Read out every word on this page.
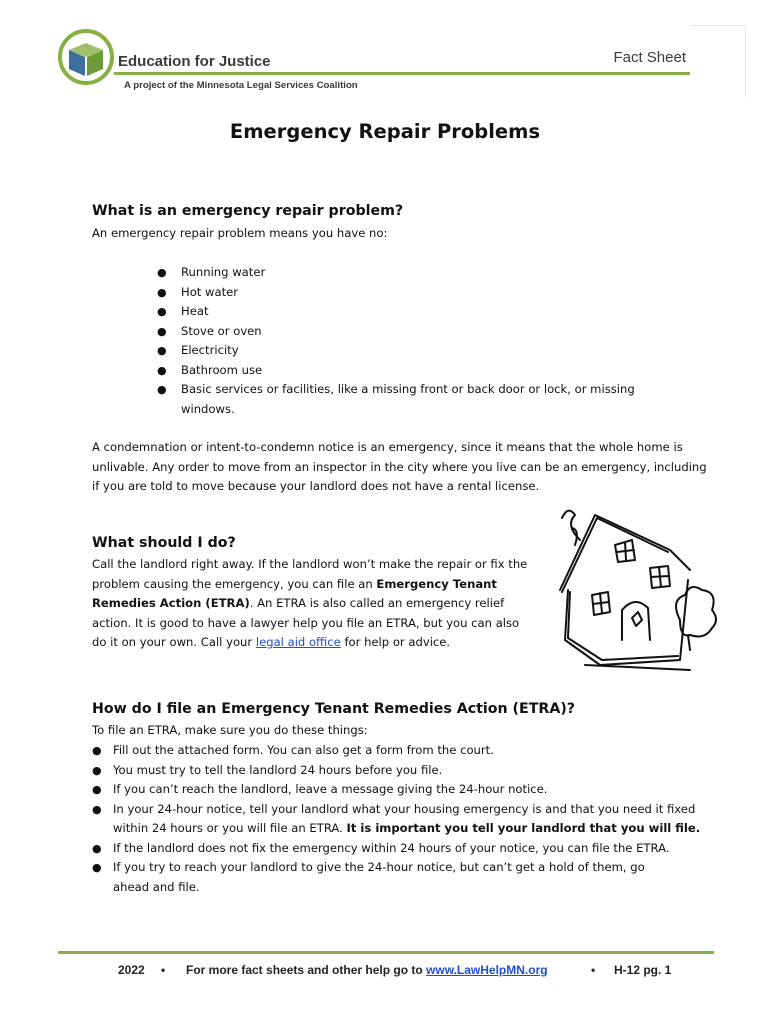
Education for Justice
A project of the Minnesota Legal Services Coalition
Fact Sheet
Emergency Repair Problems
What is an emergency repair problem?
An emergency repair problem means you have no:
● Running water
● Hot water
● Heat
● Stove or oven
● Electricity
● Bathroom use
● Basic services or facilities, like a missing front or back door or lock, or missing windows.
A condemnation or intent-to-condemn notice is an emergency, since it means that the whole home is unlivable. Any order to move from an inspector in the city where you live can be an emergency, including if you are told to move because your landlord does not have a rental license.
What should I do?
Call the landlord right away. If the landlord won’t make the repair or fix the problem causing the emergency, you can file an Emergency Tenant Remedies Action (ETRA). An ETRA is also called an emergency relief action. It is good to have a lawyer help you file an ETRA, but you can also do it on your own. Call your legal aid office for help or advice.
How do I file an Emergency Tenant Remedies Action (ETRA)?
To file an ETRA, make sure you do these things:
● Fill out the attached form. You can also get a form from the court.
● You must try to tell the landlord 24 hours before you file.
● If you can’t reach the landlord, leave a message giving the 24-hour notice.
● In your 24-hour notice, tell your landlord what your housing emergency is and that you need it fixed within 24 hours or you will file an ETRA. It is important you tell your landlord that you will file.
● If the landlord does not fix the emergency within 24 hours of your notice, you can file the ETRA.
● If you try to reach your landlord to give the 24-hour notice, but can’t get a hold of them, go ahead and file.
2022 • For more fact sheets and other help go to www.LawHelpMN.org	• H-12 pg. 1
